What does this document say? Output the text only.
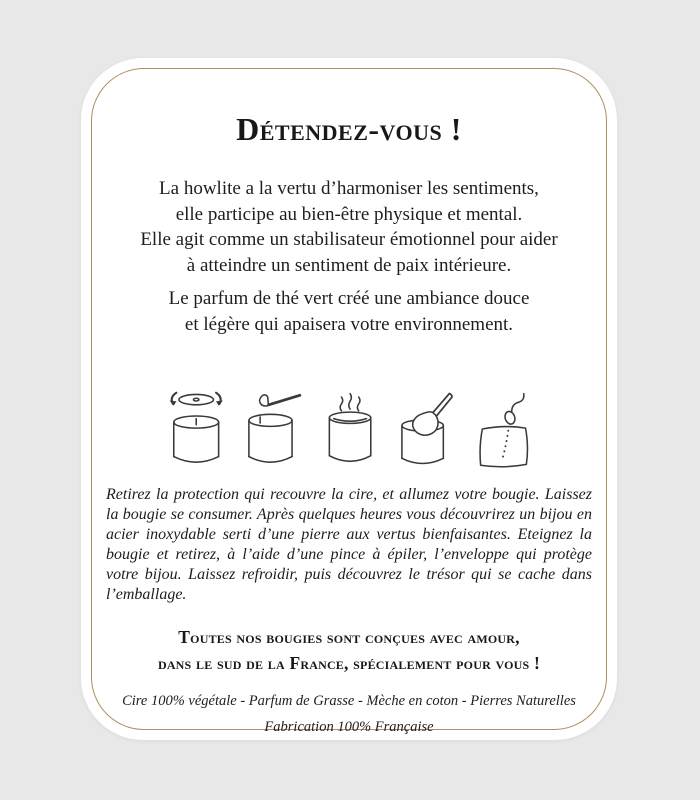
Détendez-vous !
La howlite a la vertu d’harmoniser les sentiments,
elle participe au bien-être physique et mental.
Elle agit comme un stabilisateur émotionnel pour aider
à atteindre un sentiment de paix intérieure.
Le parfum de thé vert créé une ambiance douce
et légère qui apaisera votre environnement.
Retirez la protection qui recouvre la cire, et allumez votre bougie. Laissez la bougie se consumer. Après quelques heures vous découvrirez un bijou en acier inoxydable serti d’une pierre aux vertus bienfaisantes. Eteignez la bougie et retirez, à l’aide d’une pince à épiler, l’enveloppe qui protège votre bijou. Laissez refroidir, puis découvrez le trésor qui se cache dans l’emballage.
Toutes nos bougies sont conçues avec amour,
dans le sud de la France, spécialement pour vous !
Cire 100% végétale - Parfum de Grasse - Mèche en coton - Pierres Naturelles
Fabrication 100% Française
